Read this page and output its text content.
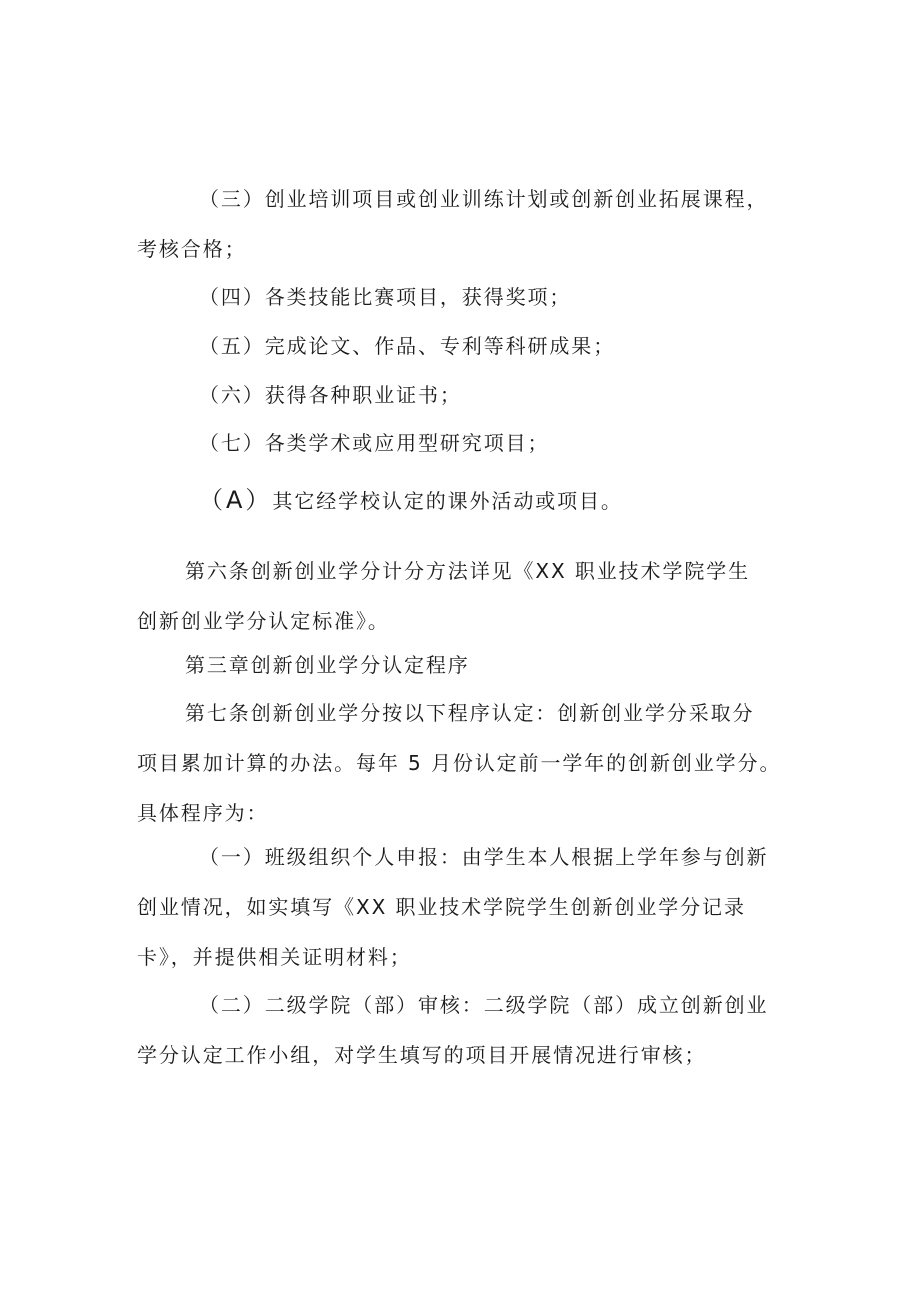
（三）创业培训项目或创业训练计划或创新创业拓展课程，
考核合格；

（四）各类技能比赛项目，获得奖项；

（五）完成论文、作品、专利等科研成果；

（六）获得各种职业证书；

（七）各类学术或应用型研究项目；

（A）其它经学校认定的课外活动或项目。

第六条创新创业学分计分方法详见《XX 职业技术学院学生
创新创业学分认定标准》。

第三章创新创业学分认定程序

第七条创新创业学分按以下程序认定：创新创业学分采取分
项目累加计算的办法。每年 5 月份认定前一学年的创新创业学分。
具体程序为：

（一）班级组织个人申报：由学生本人根据上学年参与创新
创业情况，如实填写《XX 职业技术学院学生创新创业学分记录
卡》，并提供相关证明材料；

（二）二级学院（部）审核：二级学院（部）成立创新创业
学分认定工作小组，对学生填写的项目开展情况进行审核；
